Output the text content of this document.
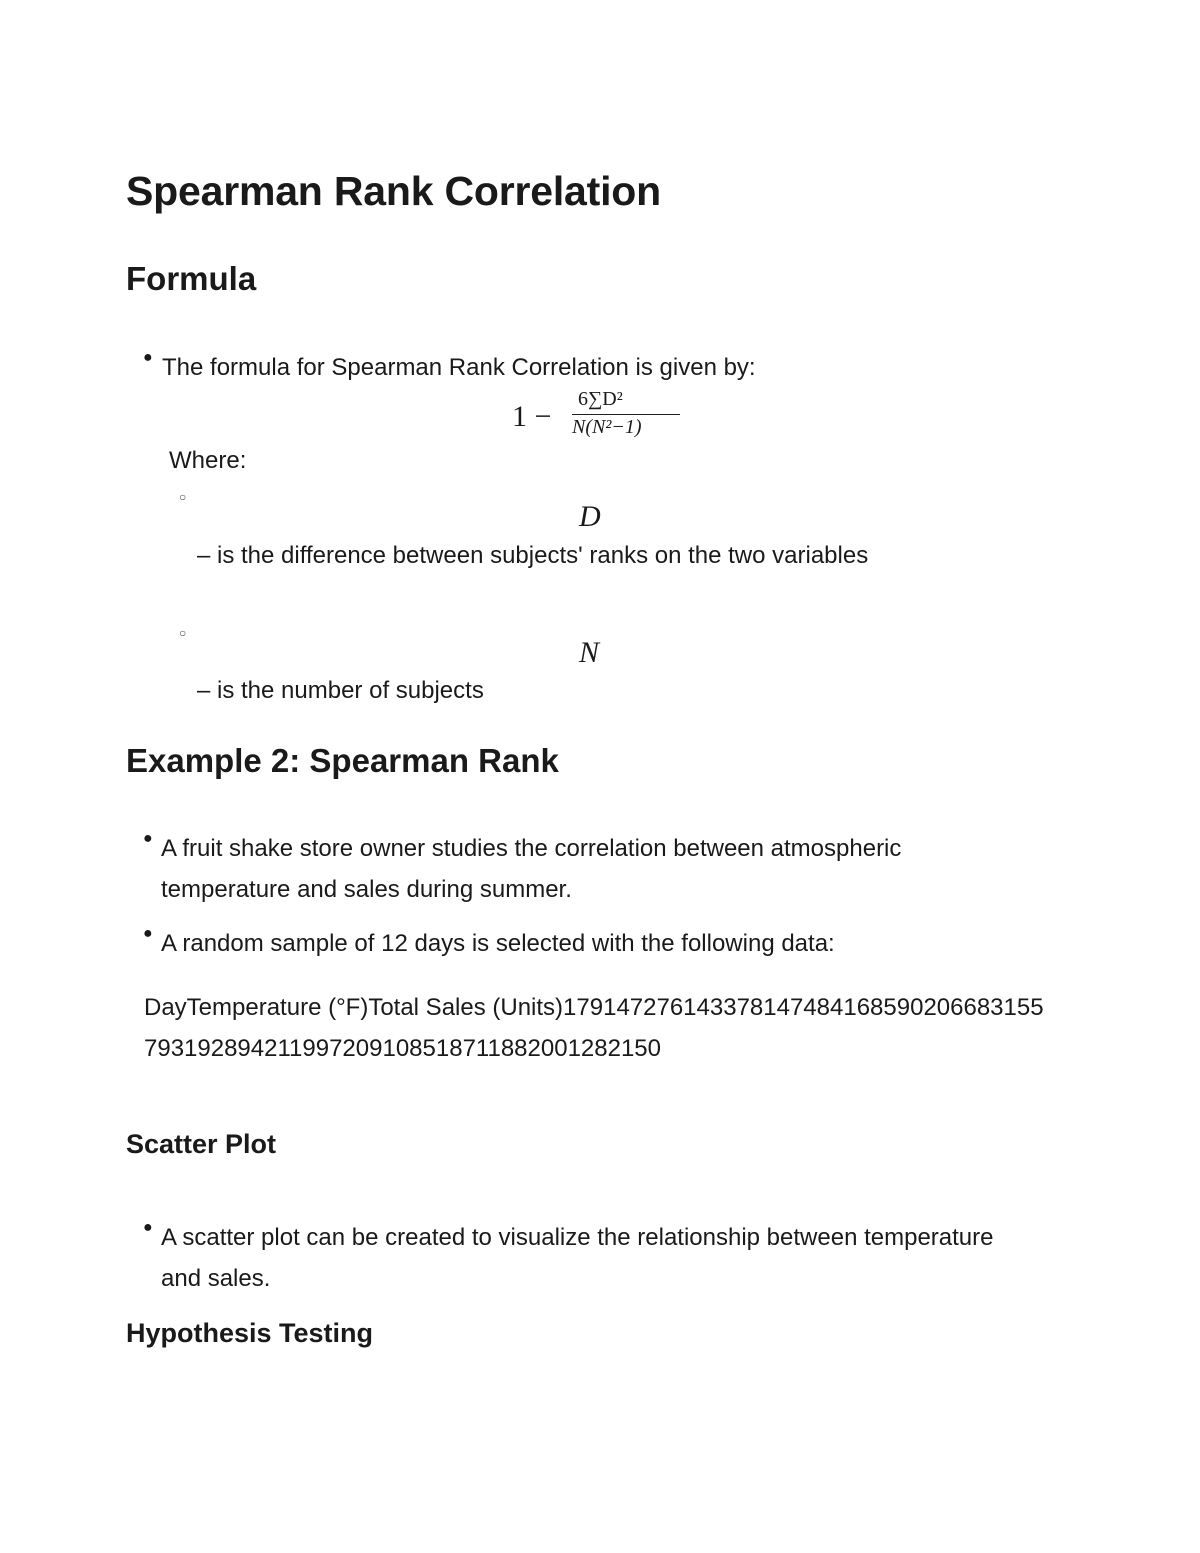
Spearman Rank Correlation
Formula
● The formula for Spearman Rank Correlation is given by:

1 −
6∑D²
N(N²−1)

Where:

○
D

– is the difference between subjects' ranks on the two variables

○
N

– is the number of subjects

Example 2: Spearman Rank
● A fruit shake store owner studies the correlation between atmospheric temperature and sales during summer.

● A random sample of 12 days is selected with the following data:

DayTemperature (°F)Total Sales (Units)179147276143378147484168590206683155793192894211997209108518711882001282150

Scatter Plot
● A scatter plot can be created to visualize the relationship between temperature and sales.

Hypothesis Testing
